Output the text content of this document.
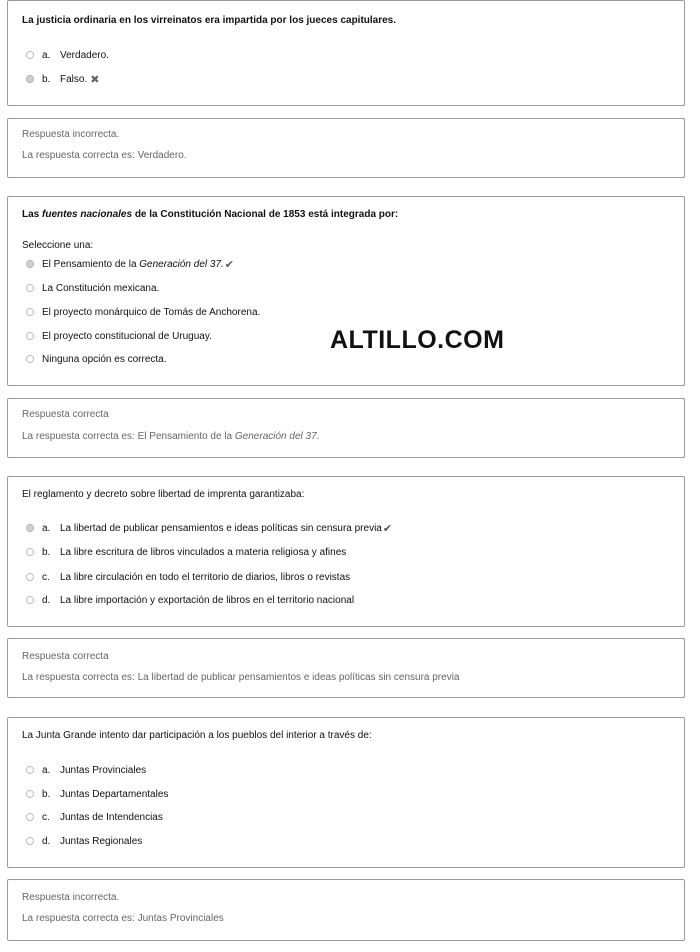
La justicia ordinaria en los virreinatos era impartida por los jueces capitulares.
a. Verdadero.
b. Falso. ✖
Respuesta incorrecta.
La respuesta correcta es: Verdadero.
Las fuentes nacionales de la Constitución Nacional de 1853 está integrada por:
Seleccione una:
El Pensamiento de la Generación del 37. ✔
La Constitución mexicana.
El proyecto monárquico de Tomás de Anchorena.
El proyecto constitucional de Uruguay.
Ninguna opción es correcta.
Respuesta correcta
La respuesta correcta es: El Pensamiento de la Generación del 37.
ALTILLO.COM
El reglamento y decreto sobre libertad de imprenta garantizaba:
a. La libertad de publicar pensamientos e ideas políticas sin censura previa ✔
b. La libre escritura de libros vinculados a materia religiosa y afines
c.	La libre circulación en todo el territorio de diarios, libros o revistas
d. La libre importación y exportación de libros en el territorio nacional
Respuesta correcta
La respuesta correcta es: La libertad de publicar pensamientos e ideas políticas sin censura previa
La Junta Grande intento dar participación a los pueblos del interior a través de:
a. Juntas Provinciales
b. Juntas Departamentales
c.	Juntas de Intendencias
d. Juntas Regionales
Respuesta incorrecta.
La respuesta correcta es: Juntas Provinciales
